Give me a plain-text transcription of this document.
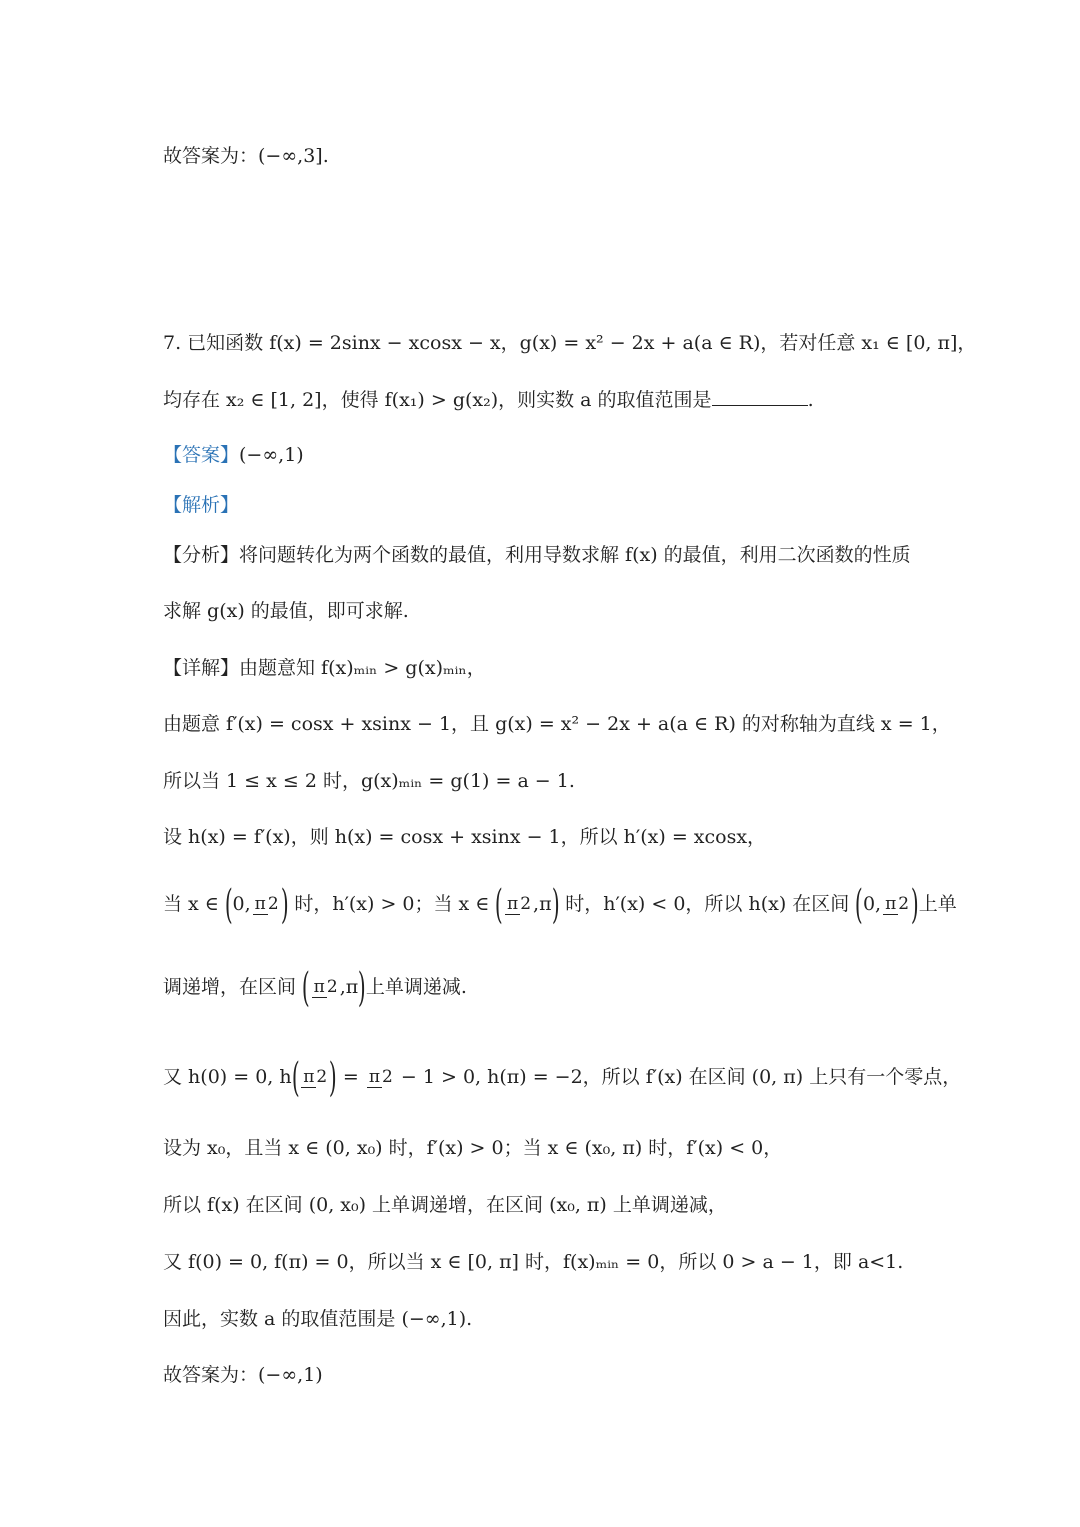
故答案为：(−∞,3].
7. 已知函数 f(x) = 2sinx − xcosx − x，g(x) = x² − 2x + a(a ∈ R)，若对任意 x₁ ∈ [0, π]，
均存在 x₂ ∈ [1, 2]，使得 f(x₁) > g(x₂)，则实数 a 的取值范围是	.
【答案】(−∞,1)
【解析】
【分析】将问题转化为两个函数的最值，利用导数求解 f(x) 的最值，利用二次函数的性质
求解 g(x) 的最值，即可求解.
【详解】由题意知 f(x)ₘᵢₙ > g(x)ₘᵢₙ，
由题意 f′(x) = cosx + xsinx − 1，且 g(x) = x² − 2x + a(a ∈ R) 的对称轴为直线 x = 1，
所以当 1 ≤ x ≤ 2 时，g(x)ₘᵢₙ = g(1) = a − 1.
设 h(x) = f′(x)，则 h(x) = cosx + xsinx − 1，所以 h′(x) = xcosx，
当 x ∈ (0, π 2) 时，h′(x) > 0；当 x ∈ ( π 2 ,π) 时，h′(x) < 0，所以 h(x) 在区间 (0, π 2)上单
调递增，在区间 ( π 2 ,π)上单调递减.
又 h(0) = 0, h( π 2) = π 2 − 1 > 0, h(π) = −2，所以 f′(x) 在区间 (0, π) 上只有一个零点，
设为 x₀，且当 x ∈ (0, x₀) 时，f′(x) > 0；当 x ∈ (x₀, π) 时，f′(x) < 0，
所以 f(x) 在区间 (0, x₀) 上单调递增，在区间 (x₀, π) 上单调递减，
又 f(0) = 0, f(π) = 0，所以当 x ∈ [0, π] 时，f(x)ₘᵢₙ = 0，所以 0 > a − 1，即 a<1.
因此，实数 a 的取值范围是 (−∞,1).
故答案为：(−∞,1)
